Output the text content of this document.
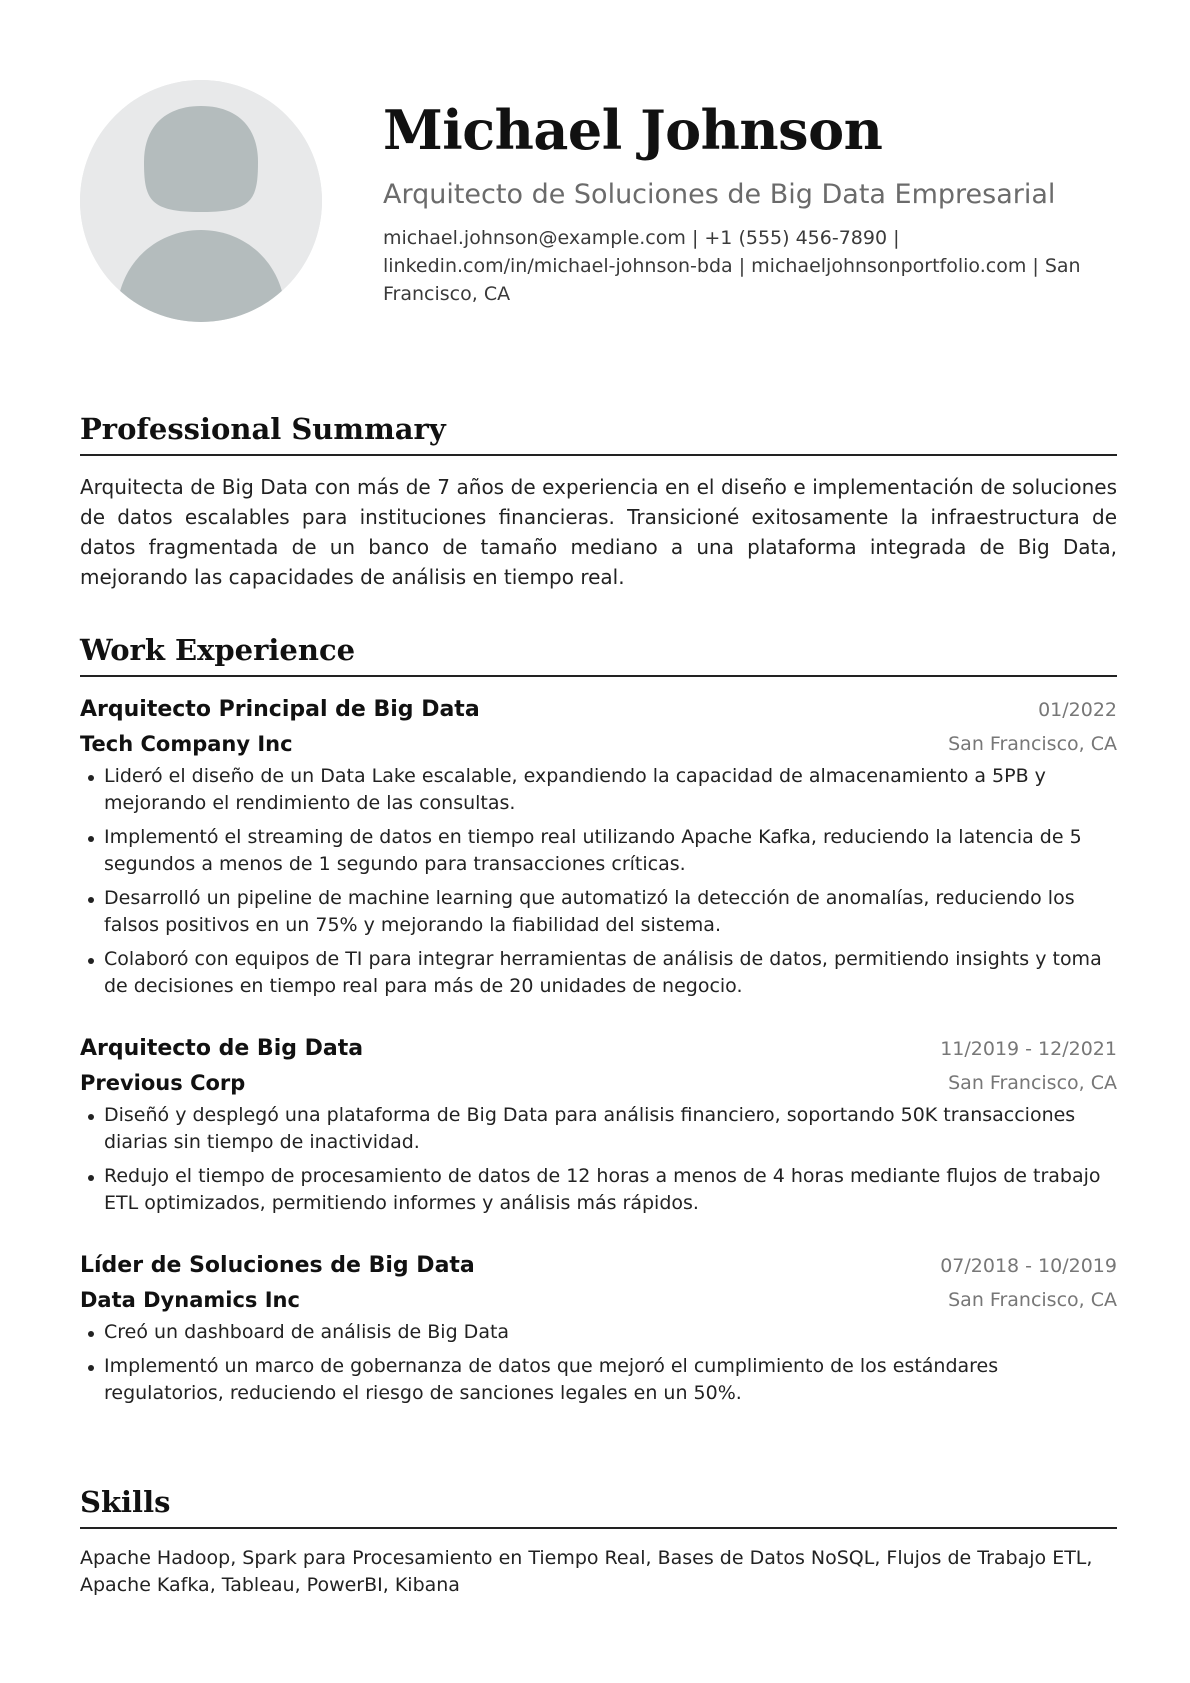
Michael Johnson
Arquitecto de Soluciones de Big Data Empresarial
michael.johnson@example.com | +1 (555) 456-7890 | linkedin.com/in/michael-johnson-bda | michaeljohnsonportfolio.com | San Francisco, CA
Professional Summary
Arquitecta de Big Data con más de 7 años de experiencia en el diseño e implementación de soluciones de datos escalables para instituciones financieras. Transicioné exitosamente la infraestructura de datos fragmentada de un banco de tamaño mediano a una plataforma integrada de Big Data, mejorando las capacidades de análisis en tiempo real.
Work Experience
Arquitecto Principal de Big Data	01/2022
Tech Company Inc	San Francisco, CA
Lideró el diseño de un Data Lake escalable, expandiendo la capacidad de almacenamiento a 5PB y mejorando el rendimiento de las consultas.
Implementó el streaming de datos en tiempo real utilizando Apache Kafka, reduciendo la latencia de 5 segundos a menos de 1 segundo para transacciones críticas.
Desarrolló un pipeline de machine learning que automatizó la detección de anomalías, reduciendo los falsos positivos en un 75% y mejorando la fiabilidad del sistema.
Colaboró con equipos de TI para integrar herramientas de análisis de datos, permitiendo insights y toma de decisiones en tiempo real para más de 20 unidades de negocio.
Arquitecto de Big Data	11/2019 - 12/2021
Previous Corp	San Francisco, CA
Diseñó y desplegó una plataforma de Big Data para análisis financiero, soportando 50K transacciones diarias sin tiempo de inactividad.
Redujo el tiempo de procesamiento de datos de 12 horas a menos de 4 horas mediante flujos de trabajo ETL optimizados, permitiendo informes y análisis más rápidos.
Líder de Soluciones de Big Data	07/2018 - 10/2019
Data Dynamics Inc	San Francisco, CA
Creó un dashboard de análisis de Big Data
Implementó un marco de gobernanza de datos que mejoró el cumplimiento de los estándares regulatorios, reduciendo el riesgo de sanciones legales en un 50%.
Skills
Apache Hadoop, Spark para Procesamiento en Tiempo Real, Bases de Datos NoSQL, Flujos de Trabajo ETL, Apache Kafka, Tableau, PowerBI, Kibana
